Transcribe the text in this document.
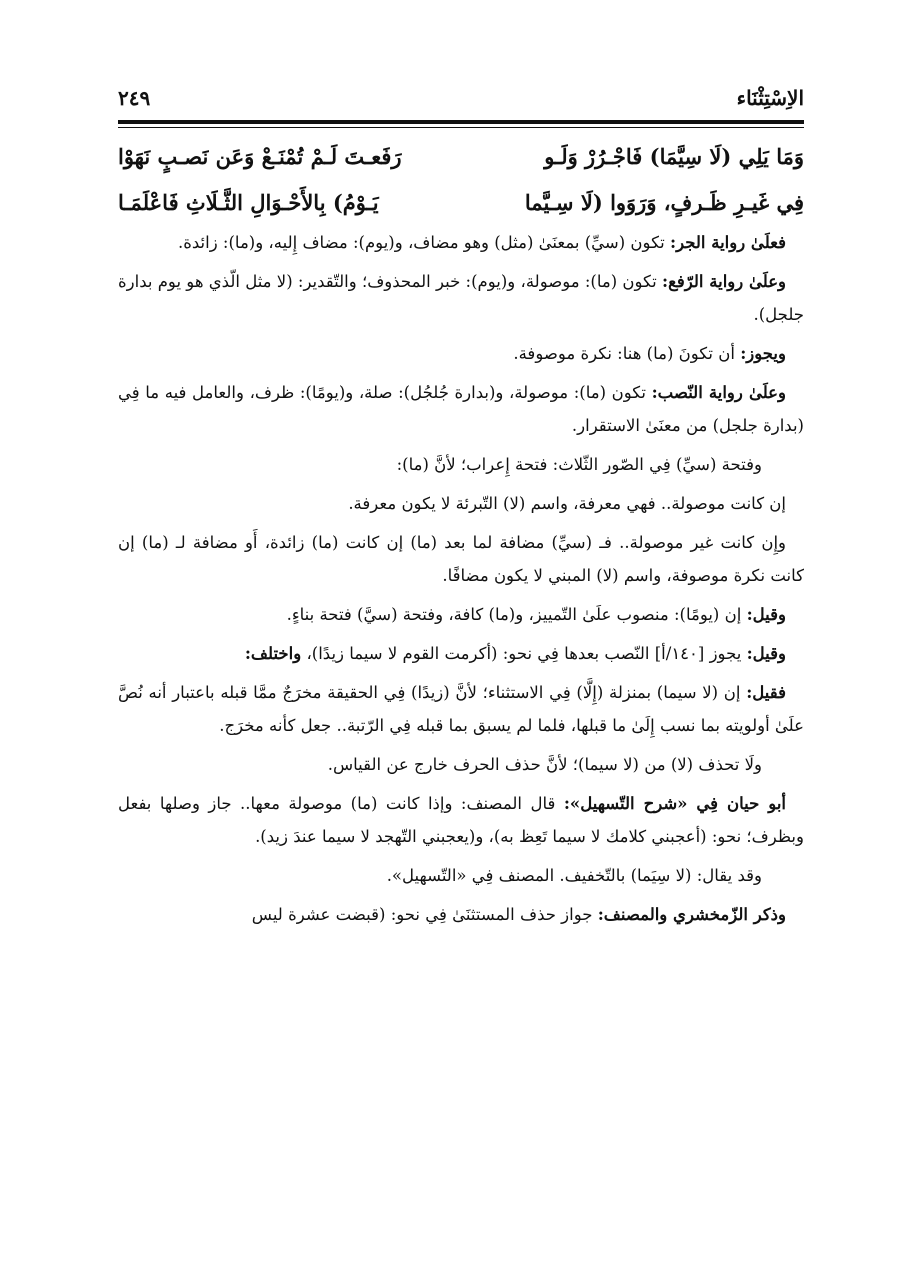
الاِسْتِثْنَاء
٢٤٩
وَمَا يَلِي (لَا سِيَّمَا) فَاجْـرُرْ وَلَـو
رَفَعـتَ لَـمْ تُمْنَـعْ وَعَن نَصـبٍ نَهَوْا
فِي غَيـرِ ظَـرفٍ، وَرَوَوا (لَا سِـيَّما
يَـوْمُ) بِالأَحْـوَالِ الثَّـلَاثِ فَاعْلَمَـا

فعلَىٰ رواية الجر: تكون (سيِّ) بمعنَىٰ (مثل) وهو مضاف، و(يوم): مضاف إِليه، و(ما): زائدة.

وعلَىٰ رواية الرّفع: تكون (ما): موصولة، و(يوم): خبر المحذوف؛ والتّقدير: (لا مثل الّذي هو يوم بدارة جلجل).

ويجوز: أن تكونَ (ما) هنا: نكرة موصوفة.

وعلَىٰ رواية النّصب: تكون (ما): موصولة، و(بدارة جُلجُل): صلة، و(يومًا): ظرف، والعامل فيه ما فِي (بدارة جلجل) من معنَىٰ الاستقرار.

وفتحة (سيِّ) فِي الصّور الثّلاث: فتحة إِعراب؛ لأنَّ (ما):

إن كانت موصولة.. فهي معرفة، واسم (لا) التّبرئة لا يكون معرفة.

وإِن كانت غير موصولة.. فـ (سيِّ) مضافة لما بعد (ما) إن كانت (ما) زائدة، أَو مضافة لـ (ما) إن كانت نكرة موصوفة، واسم (لا) المبني لا يكون مضافًا.

وقيل: إن (يومًا): منصوب علَىٰ التّمييز، و(ما) كافة، وفتحة (سيَّ) فتحة بناءٍ.

وقيل: يجوز [١٤٠/أ] النّصب بعدها فِي نحو: (أكرمت القوم لا سيما زيدًا)، واختلف:

فقيل: إن (لا سيما) بمنزلة (إِلَّا) فِي الاستثناء؛ لأنَّ (زيدًا) فِي الحقيقة مخرَجٌ ممَّا قبله باعتبار أنه نُصَّ علَىٰ أولويته بما نسب إِلَىٰ ما قبلها، فلما لم يسبق بما قبله فِي الرّتبة.. جعل كأنه مخرَج.

ولَا تحذف (لا) من (لا سيما)؛ لأنَّ حذف الحرف خارج عن القياس.

أبو حيان فِي «شرح التّسهيل»: قال المصنف: وإذا كانت (ما) موصولة معها.. جاز وصلها بفعل وبظرف؛ نحو: (أعجبني كلامك لا سيما تَعِظ به)، و(يعجبني التّهجد لا سيما عندَ زيد).

وقد يقال: (لا سِيَما) بالتّخفيف. المصنف فِي «التّسهيل».

وذكر الزّمخشري والمصنف: جواز حذف المستثنَىٰ فِي نحو: (قبضت عشرة ليس
